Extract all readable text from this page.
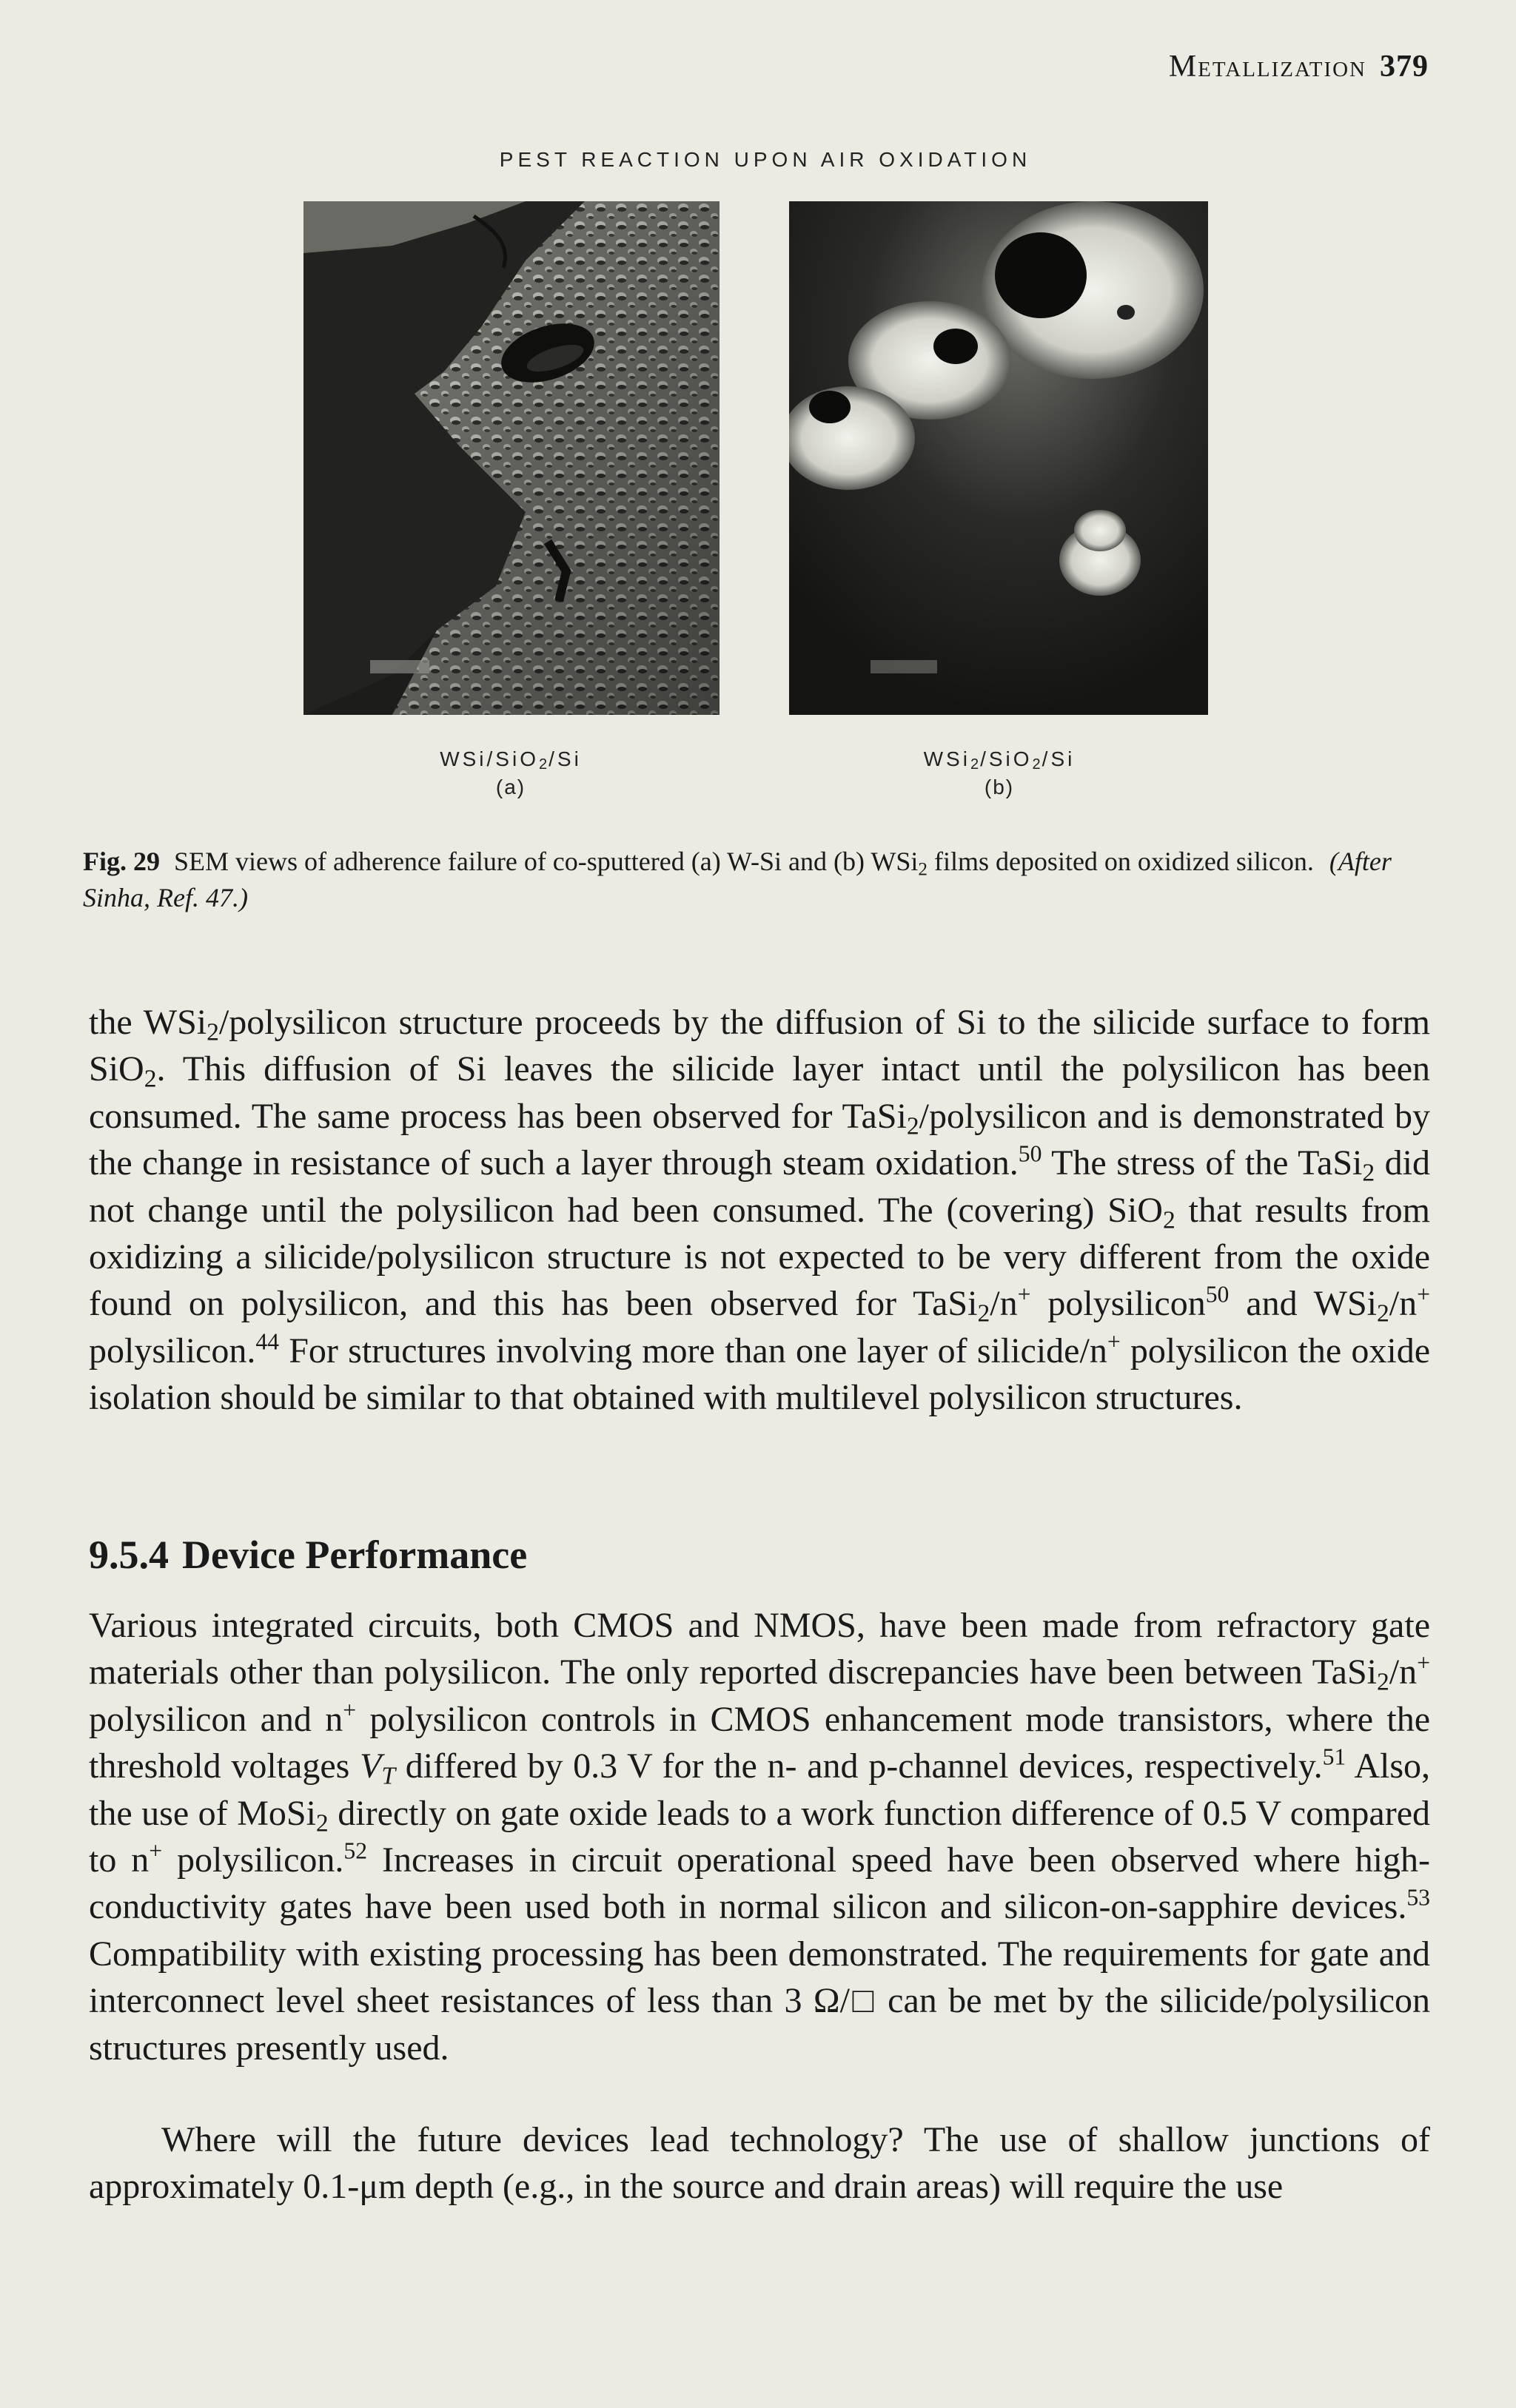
Metallization 379
PEST REACTION UPON AIR OXIDATION
WSi/SiO$_2$/Si
(a)
WSi$_2$/SiO$_2$/Si
(b)
Fig. 29 SEM views of adherence failure of co-sputtered (a) W-Si and (b) WSi$_2$ films deposited on oxidized silicon. (After Sinha, Ref. 47.)

the WSi$_2$/polysilicon structure proceeds by the diffusion of Si to the silicide surface to form SiO$_2$. This diffusion of Si leaves the silicide layer intact until the polysilicon has been consumed. The same process has been observed for TaSi$_2$/polysilicon and is demonstrated by the change in resistance of such a layer through steam oxidation.$^{50}$ The stress of the TaSi$_2$ did not change until the polysilicon had been consumed. The (covering) SiO$_2$ that results from oxidizing a silicide/polysilicon structure is not expected to be very different from the oxide found on polysilicon, and this has been observed for TaSi$_2$/n+ polysilicon$^{50}$ and WSi$_2$/n+ polysilicon.$^{44}$ For structures involving more than one layer of silicide/n+ polysilicon the oxide isolation should be similar to that obtained with multilevel polysilicon structures.

9.5.4 Device Performance

Various integrated circuits, both CMOS and NMOS, have been made from refractory gate materials other than polysilicon. The only reported discrepancies have been between TaSi$_2$/n+ polysilicon and n+ polysilicon controls in CMOS enhancement mode transistors, where the threshold voltages $V_T$ differed by 0.3 V for the n- and p-channel devices, respectively.$^{51}$ Also, the use of MoSi$_2$ directly on gate oxide leads to a work function difference of 0.5 V compared to n+ polysilicon.$^{52}$ Increases in circuit operational speed have been observed where high-conductivity gates have been used both in normal silicon and silicon-on-sapphire devices.$^{53}$ Compatibility with existing processing has been demonstrated. The requirements for gate and interconnect level sheet resistances of less than 3 Ω/□ can be met by the silicide/polysilicon structures presently used.

Where will the future devices lead technology? The use of shallow junctions of approximately 0.1-μm depth (e.g., in the source and drain areas) will require the use
